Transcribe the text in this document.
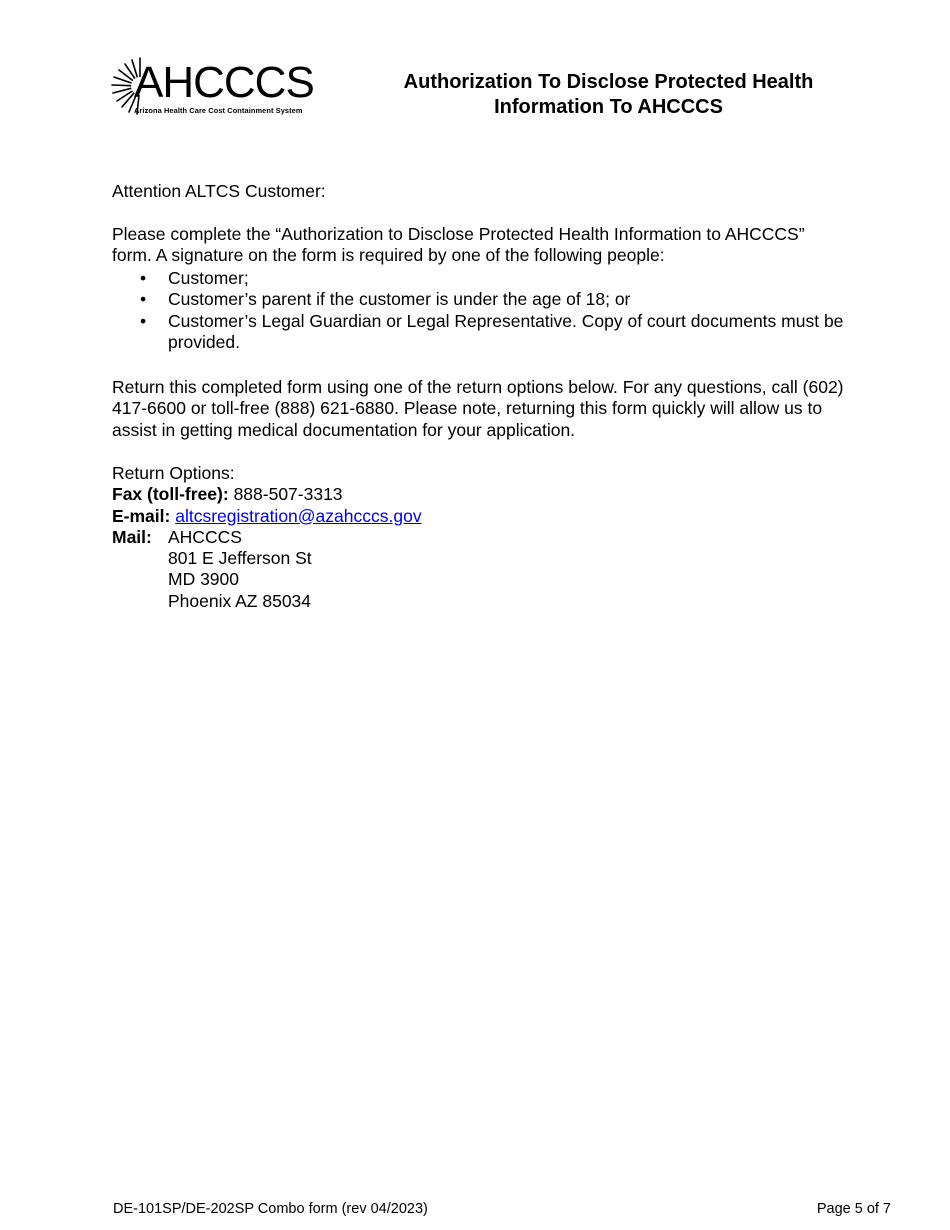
AHCCCS
Arizona Health Care Cost Containment System
Authorization To Disclose Protected Health
Information To AHCCCS
Attention ALTCS Customer:
Please complete the “Authorization to Disclose Protected Health Information to AHCCCS”
form. A signature on the form is required by one of the following people:
• Customer;
• Customer’s parent if the customer is under the age of 18; or
• Customer’s Legal Guardian or Legal Representative. Copy of court documents must be provided.
Return this completed form using one of the return options below. For any questions, call (602)
417-6600 or toll-free (888) 621-6880. Please note, returning this form quickly will allow us to
assist in getting medical documentation for your application.
Return Options:
Fax (toll-free): 888-507-3313
E-mail: altcsregistration@azahcccs.gov
Mail: AHCCCS
801 E Jefferson St
MD 3900
Phoenix AZ 85034
DE-101SP/DE-202SP Combo form (rev 04/2023)	Page 5 of 7
